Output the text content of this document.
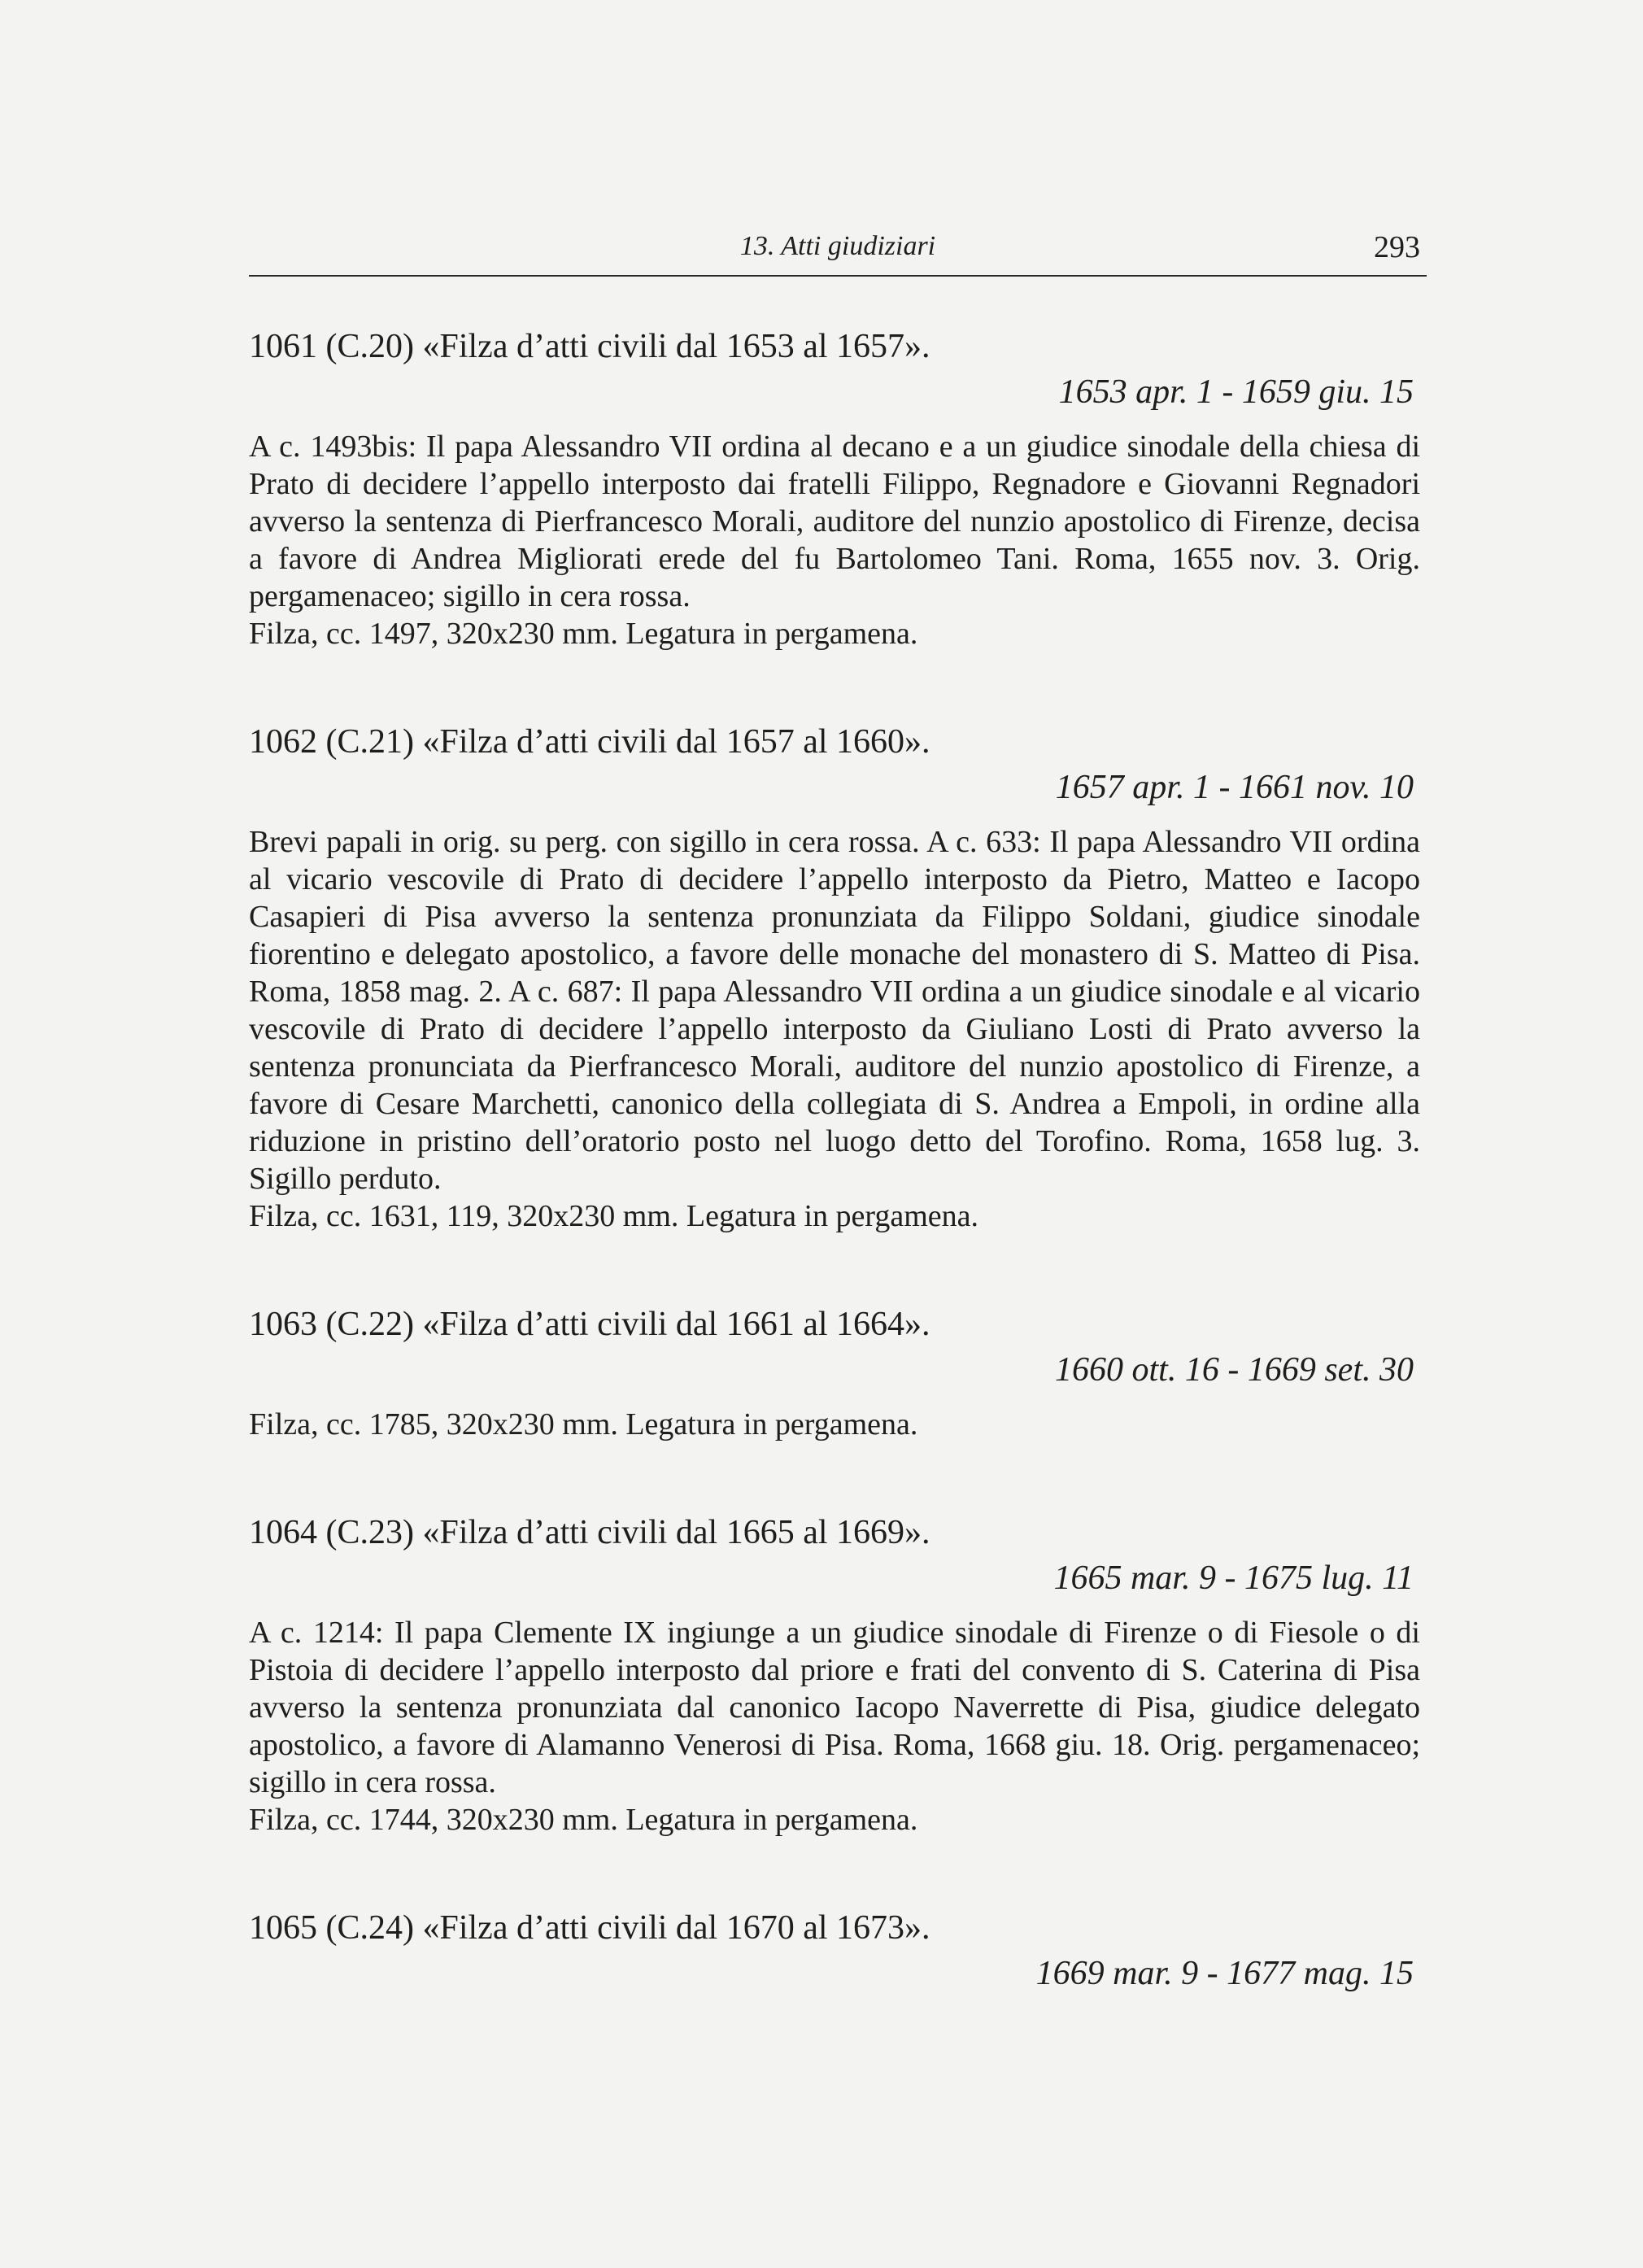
13. Atti giudiziari	293

1061 (C.20) «Filza d’atti civili dal 1653 al 1657».

1653 apr. 1 - 1659 giu. 15

A c. 1493bis: Il papa Alessandro VII ordina al decano e a un giudice sinodale della chiesa di Prato di decidere l’appello interposto dai fratelli Filippo, Regnadore e Giovanni Regnadori avverso la sentenza di Pierfrancesco Morali, auditore del nunzio apostolico di Firenze, decisa a favore di Andrea Migliorati erede del fu Bartolomeo Tani. Roma, 1655 nov. 3. Orig. pergamenaceo; sigillo in cera rossa.

Filza, cc. 1497, 320x230 mm. Legatura in pergamena.

1062 (C.21) «Filza d’atti civili dal 1657 al 1660».

1657 apr. 1 - 1661 nov. 10

Brevi papali in orig. su perg. con sigillo in cera rossa. A c. 633: Il papa Alessandro VII ordina al vicario vescovile di Prato di decidere l’appello interposto da Pietro, Matteo e Iacopo Casapieri di Pisa avverso la sentenza pronunziata da Filippo Soldani, giudice sinodale fiorentino e delegato apostolico, a favore delle monache del monastero di S. Matteo di Pisa. Roma, 1858 mag. 2. A c. 687: Il papa Alessandro VII ordina a un giudice sinodale e al vicario vescovile di Prato di decidere l’appello interposto da Giuliano Losti di Prato avverso la sentenza pronunciata da Pierfrancesco Morali, auditore del nunzio apostolico di Firenze, a favore di Cesare Marchetti, canonico della collegiata di S. Andrea a Empoli, in ordine alla riduzione in pristino dell’oratorio posto nel luogo detto del Torofino. Roma, 1658 lug. 3. Sigillo perduto.

Filza, cc. 1631, 119, 320x230 mm. Legatura in pergamena.

1063 (C.22) «Filza d’atti civili dal 1661 al 1664».

1660 ott. 16 - 1669 set. 30

Filza, cc. 1785, 320x230 mm. Legatura in pergamena.

1064 (C.23) «Filza d’atti civili dal 1665 al 1669».

1665 mar. 9 - 1675 lug. 11

A c. 1214: Il papa Clemente IX ingiunge a un giudice sinodale di Firenze o di Fiesole o di Pistoia di decidere l’appello interposto dal priore e frati del convento di S. Caterina di Pisa avverso la sentenza pronunziata dal canonico Iacopo Naverrette di Pisa, giudice delegato apostolico, a favore di Alamanno Venerosi di Pisa. Roma, 1668 giu. 18. Orig. pergamenaceo; sigillo in cera rossa.

Filza, cc. 1744, 320x230 mm. Legatura in pergamena.

1065 (C.24) «Filza d’atti civili dal 1670 al 1673».

1669 mar. 9 - 1677 mag. 15
